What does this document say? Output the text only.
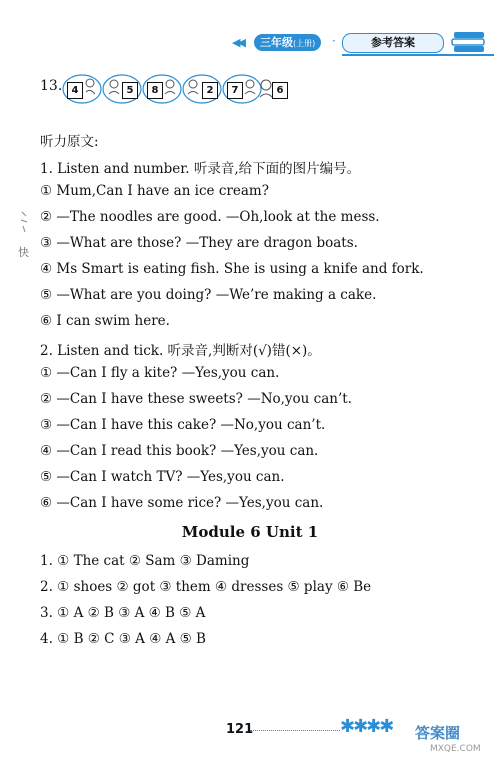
◀◀	三年级(上册)	·	参考答案
13. 4	5	8	2	7	6
听力原文:
1. Listen and number. 听录音,给下面的图片编号。
① Mum,Can I have an ice cream?
② —The noodles are good. —Oh,look at the mess.
③ —What are those? —They are dragon boats.
④ Ms Smart is eating fish. She is using a knife and fork.
⑤ —What are you doing? —We’re making a cake.
⑥ I can swim here.
2. Listen and tick. 听录音,判断对(√)错(×)。
① —Can I fly a kite? —Yes,you can.
② —Can I have these sweets? —No,you can’t.
③ —Can I have this cake? —No,you can’t.
④ —Can I read this book? —Yes,you can.
⑤ —Can I watch TV? —Yes,you can.
⑥ —Can I have some rice? —Yes,you can.
Module 6 Unit 1
1. ① The cat ② Sam ③ Daming
2. ① shoes ② got ③ them ④ dresses ⑤ play ⑥ Be
3. ① A ② B ③ A ④ B ⑤ A
4. ① B ② C ③ A ④ A ⑤ B
快
121	✱✱✱✱ 答案圈
MXQE.COM
